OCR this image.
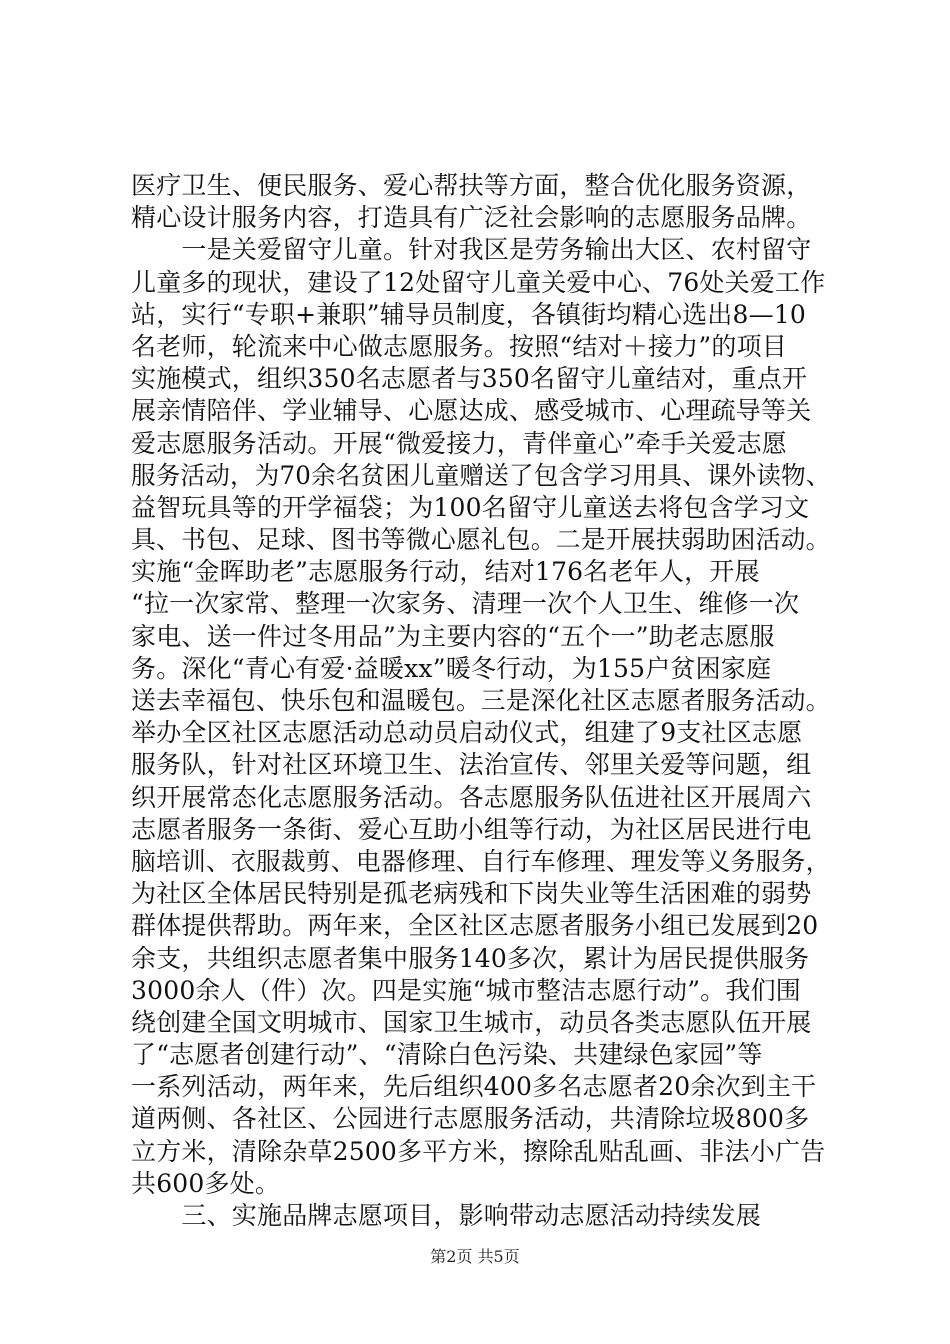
医疗卫生、便民服务、爱心帮扶等方面，整合优化服务资源，
精心设计服务内容，打造具有广泛社会影响的志愿服务品牌。
　　一是关爱留守儿童。针对我区是劳务输出大区、农村留守
儿童多的现状，建设了12处留守儿童关爱中心、76处关爱工作
站，实行“专职+兼职”辅导员制度，各镇街均精心选出8—10
名老师，轮流来中心做志愿服务。按照“结对＋接力”的项目
实施模式，组织350名志愿者与350名留守儿童结对，重点开
展亲情陪伴、学业辅导、心愿达成、感受城市、心理疏导等关
爱志愿服务活动。开展“微爱接力，青伴童心”牵手关爱志愿
服务活动，为70余名贫困儿童赠送了包含学习用具、课外读物、
益智玩具等的开学福袋；为100名留守儿童送去将包含学习文
具、书包、足球、图书等微心愿礼包。二是开展扶弱助困活动。
实施“金晖助老”志愿服务行动，结对176名老年人，开展
“拉一次家常、整理一次家务、清理一次个人卫生、维修一次
家电、送一件过冬用品”为主要内容的“五个一”助老志愿服
务。深化“青心有爱·益暖xx”暖冬行动，为155户贫困家庭
送去幸福包、快乐包和温暖包。三是深化社区志愿者服务活动。
举办全区社区志愿活动总动员启动仪式，组建了9支社区志愿
服务队，针对社区环境卫生、法治宣传、邻里关爱等问题，组
织开展常态化志愿服务活动。各志愿服务队伍进社区开展周六
志愿者服务一条街、爱心互助小组等行动，为社区居民进行电
脑培训、衣服裁剪、电器修理、自行车修理、理发等义务服务，
为社区全体居民特别是孤老病残和下岗失业等生活困难的弱势
群体提供帮助。两年来，全区社区志愿者服务小组已发展到20
余支，共组织志愿者集中服务140多次，累计为居民提供服务
3000余人（件）次。四是实施“城市整洁志愿行动”。我们围
绕创建全国文明城市、国家卫生城市，动员各类志愿队伍开展
了“志愿者创建行动”、“清除白色污染、共建绿色家园”等
一系列活动，两年来，先后组织400多名志愿者20余次到主干
道两侧、各社区、公园进行志愿服务活动，共清除垃圾800多
立方米，清除杂草2500多平方米，擦除乱贴乱画、非法小广告
共600多处。
　　三、实施品牌志愿项目，影响带动志愿活动持续发展
第2页 共5页
